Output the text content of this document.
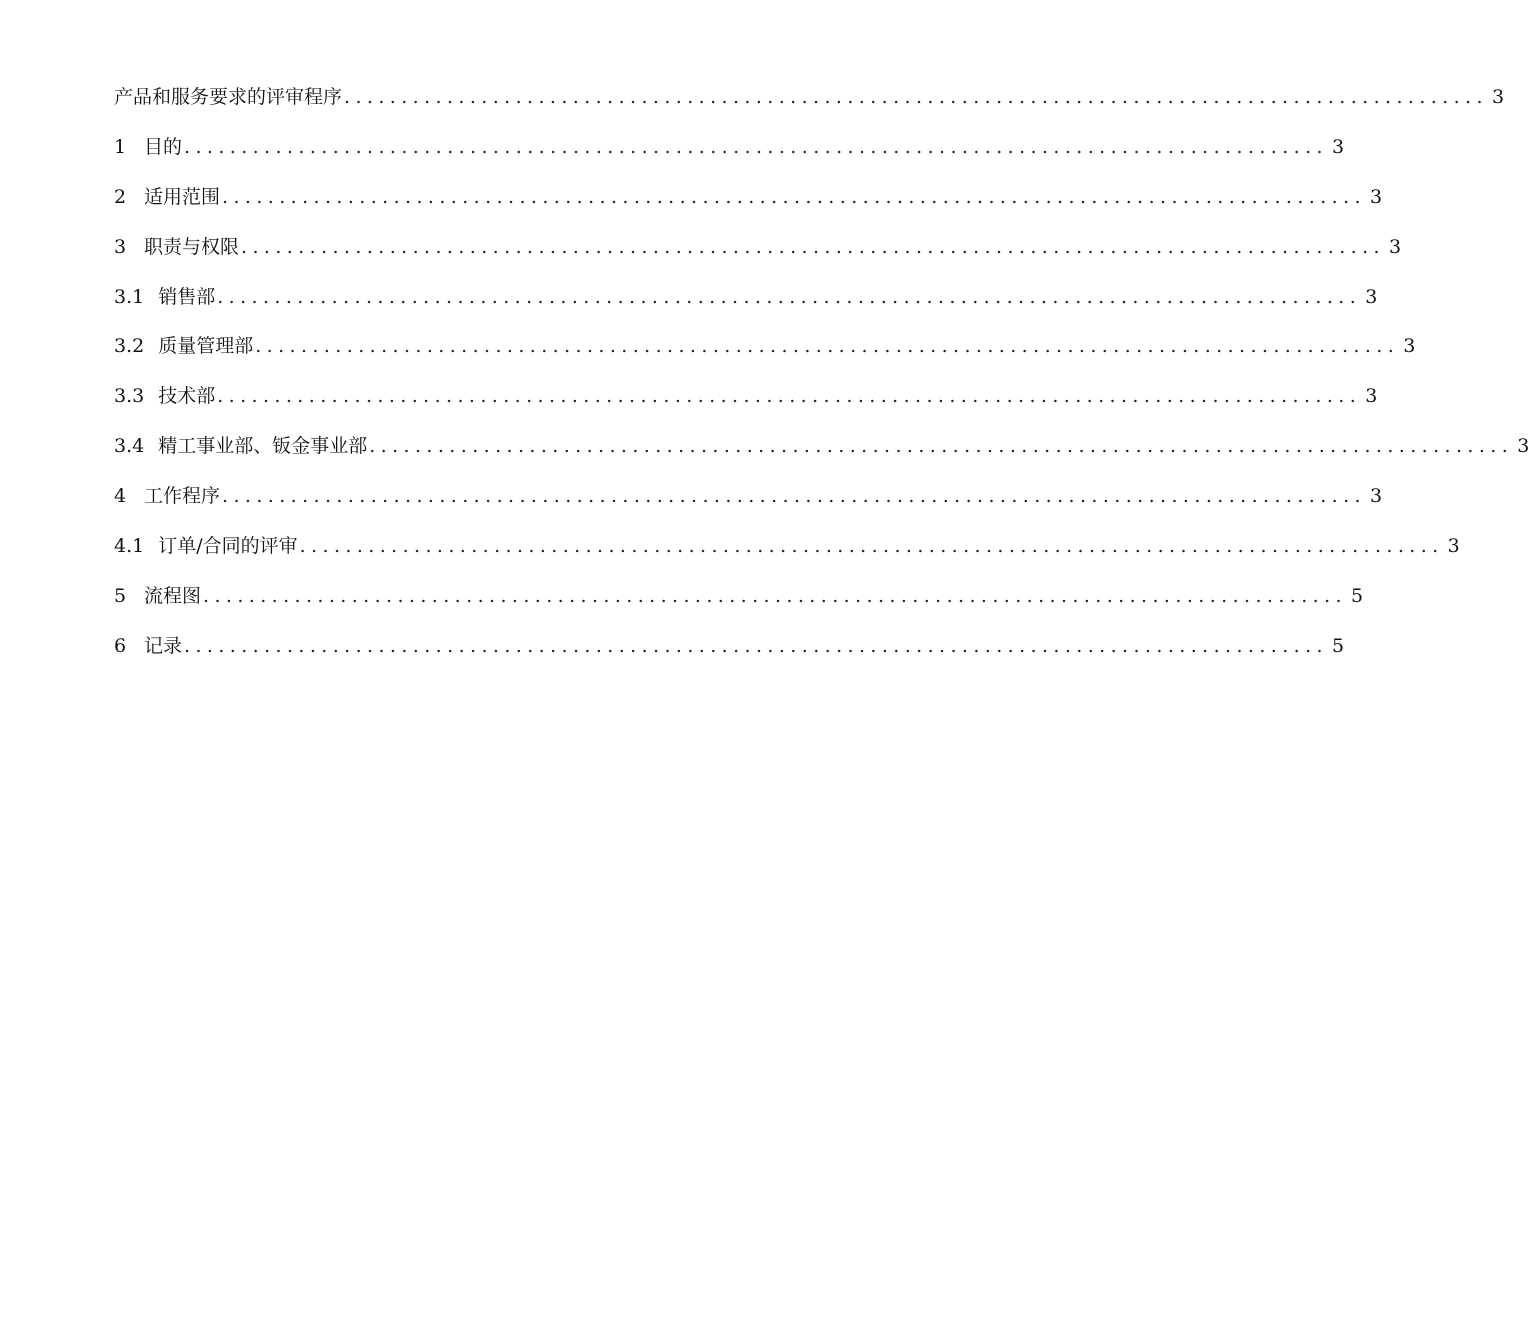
产品和服务要求的评审程序 .................................................................................................... 3
1 目的 .................................................................................................... 3
2 适用范围 .................................................................................................... 3
3 职责与权限 .................................................................................................... 3
3.1 销售部 .................................................................................................... 3
3.2 质量管理部 .................................................................................................... 3
3.3 技术部 .................................................................................................... 3
3.4 精工事业部、钣金事业部 .................................................................................................... 3
4 工作程序 .................................................................................................... 3
4.1 订单/合同的评审 .................................................................................................... 3
5 流程图 .................................................................................................... 5
6 记录 .................................................................................................... 5
